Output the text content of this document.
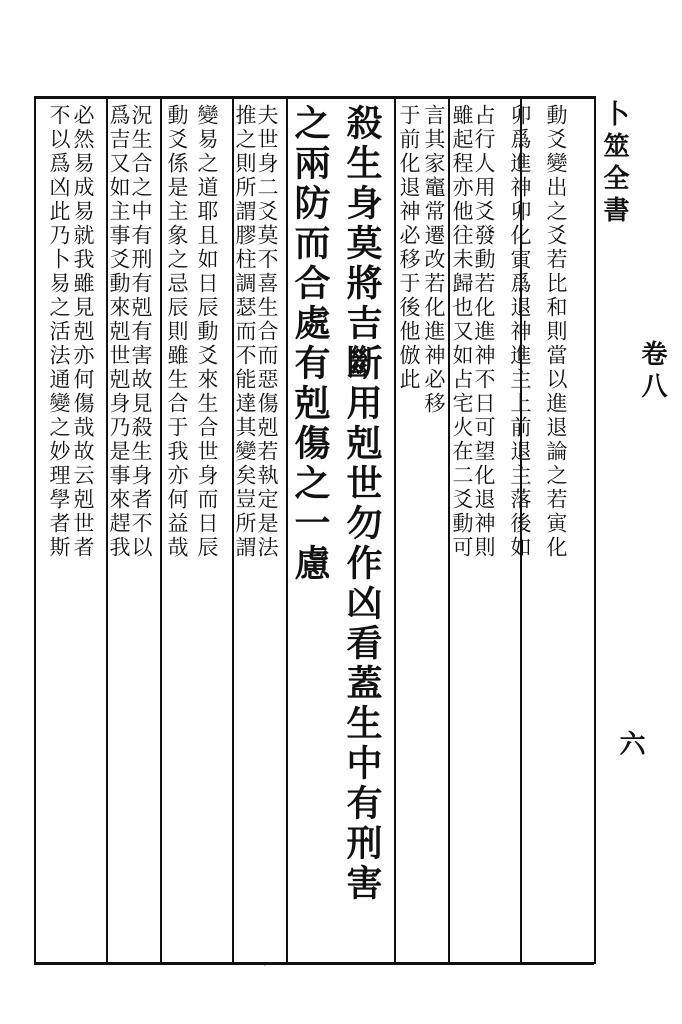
卜筮全書
卷八
六
動爻變出之爻若比和則當以進退論之若寅化
卯爲進神卯化寅爲退神進主上前退主落後如
占行人用爻發動若化進神不日可望化退神則
雖起程亦他往未歸也又如占宅火在二爻動可
言其家竈常遷改若化進神必移
于前化退神必移于後他倣此
殺生身莫將吉斷用剋世勿作凶看蓋生中有刑害
之兩防而合處有剋傷之一慮
夫世身二爻莫不喜生合而惡傷剋若執定是法
推之則所謂膠柱調瑟而不能達其變矣豈所謂
變易之道耶且如日辰動爻來生合世身而日辰
動爻係是主象之忌辰則雖生合于我亦何益哉
況生合之中有刑有剋有害故見殺生身者不以
爲吉又如主事爻動來剋世剋身乃是事來趕我
必然易成易就我雖見剋亦何傷哉故云剋世者
不以爲凶此乃卜易之活法通變之妙理學者斯
·
